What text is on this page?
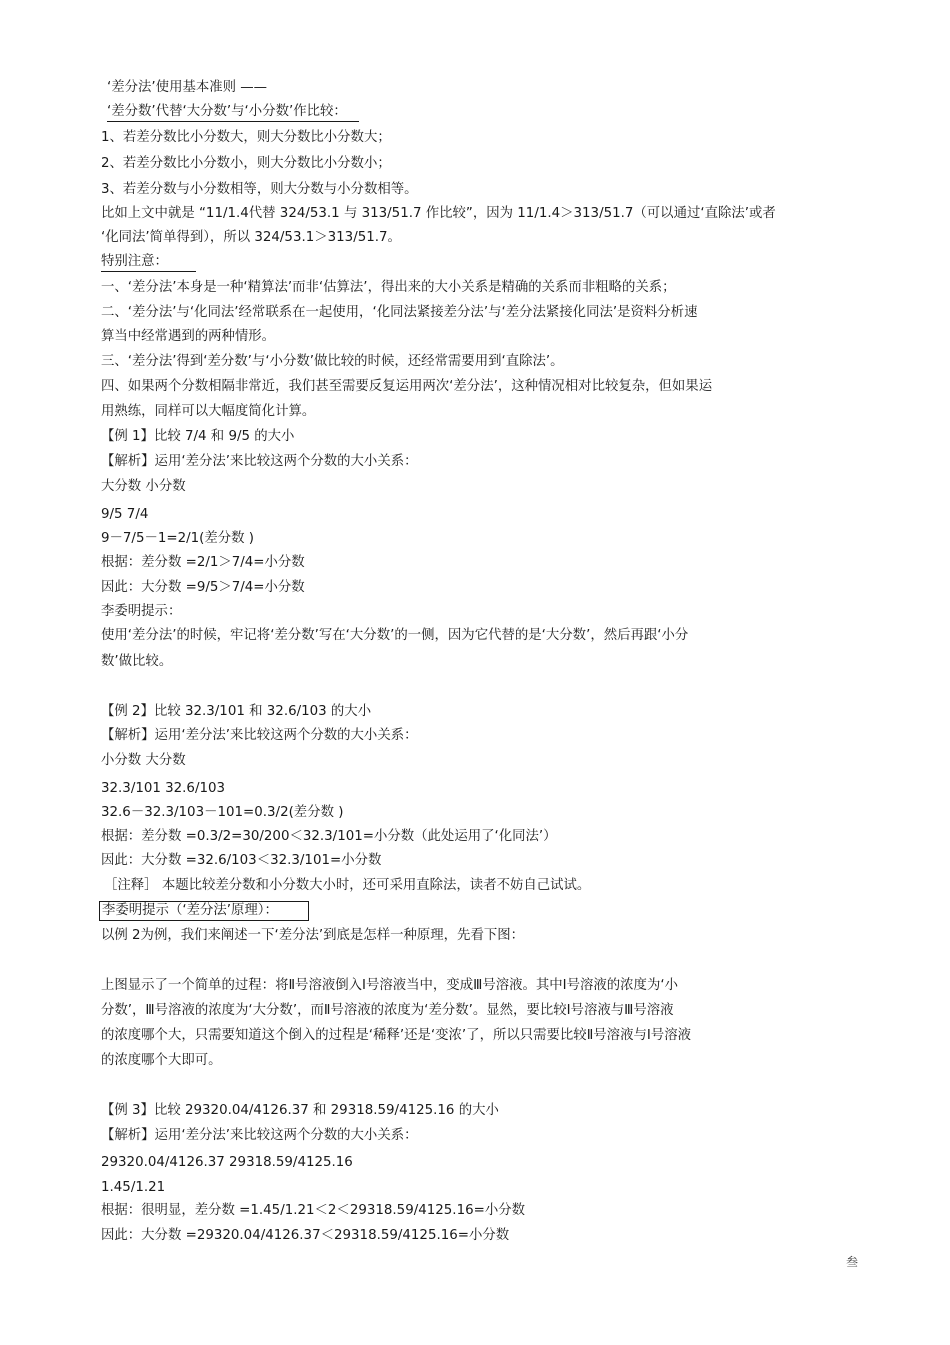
‘差分法’使用基本准则 ——
‘差分数’代替‘大分数’与‘小分数’作比较：
1、若差分数比小分数大，则大分数比小分数大；
2、若差分数比小分数小，则大分数比小分数小；
3、若差分数与小分数相等，则大分数与小分数相等。
比如上文中就是 “11/1.4代替 324/53.1 与 313/51.7 作比较”，因为 11/1.4＞313/51.7（可以通过‘直除法’或者
‘化同法’简单得到），所以 324/53.1＞313/51.7。
特别注意：
一、‘差分法’本身是一种‘精算法’而非‘估算法’，得出来的大小关系是精确的关系而非粗略的关系；
二、‘差分法’与‘化同法’经常联系在一起使用，‘化同法紧接差分法’与‘差分法紧接化同法’是资料分析速
算当中经常遇到的两种情形。
三、‘差分法’得到‘差分数’与‘小分数’做比较的时候，还经常需要用到‘直除法’。
四、如果两个分数相隔非常近，我们甚至需要反复运用两次‘差分法’，这种情况相对比较复杂，但如果运
用熟练，同样可以大幅度简化计算。
【例 1】比较 7/4 和 9/5 的大小
【解析】运用‘差分法’来比较这两个分数的大小关系：
大分数 小分数
9/5 7/4
9－7/5－1=2/1(差分数 )
根据：差分数 =2/1＞7/4=小分数
因此：大分数 =9/5＞7/4=小分数
李委明提示：
使用‘差分法’的时候，牢记将‘差分数’写在‘大分数’的一侧，因为它代替的是‘大分数’，然后再跟‘小分
数’做比较。
【例 2】比较 32.3/101 和 32.6/103 的大小
【解析】运用‘差分法’来比较这两个分数的大小关系：
小分数 大分数
32.3/101 32.6/103
32.6－32.3/103－101=0.3/2(差分数 )
根据：差分数 =0.3/2=30/200＜32.3/101=小分数（此处运用了‘化同法’）
因此：大分数 =32.6/103＜32.3/101=小分数
［注释］ 本题比较差分数和小分数大小时，还可采用直除法，读者不妨自己试试。
李委明提示（‘差分法’原理）：
以例 2为例，我们来阐述一下‘差分法’到底是怎样一种原理，先看下图：
上图显示了一个简单的过程：将Ⅱ号溶液倒入Ⅰ号溶液当中，变成Ⅲ号溶液。其中Ⅰ号溶液的浓度为‘小
分数’，Ⅲ号溶液的浓度为‘大分数’，而Ⅱ号溶液的浓度为‘差分数’。显然，要比较Ⅰ号溶液与Ⅲ号溶液
的浓度哪个大，只需要知道这个倒入的过程是‘稀释’还是‘变浓’了，所以只需要比较Ⅱ号溶液与Ⅰ号溶液
的浓度哪个大即可。
【例 3】比较 29320.04/4126.37 和 29318.59/4125.16 的大小
【解析】运用‘差分法’来比较这两个分数的大小关系：
29320.04/4126.37 29318.59/4125.16
1.45/1.21
根据：很明显，差分数 =1.45/1.21＜2＜29318.59/4125.16=小分数
因此：大分数 =29320.04/4126.37＜29318.59/4125.16=小分数
叁
